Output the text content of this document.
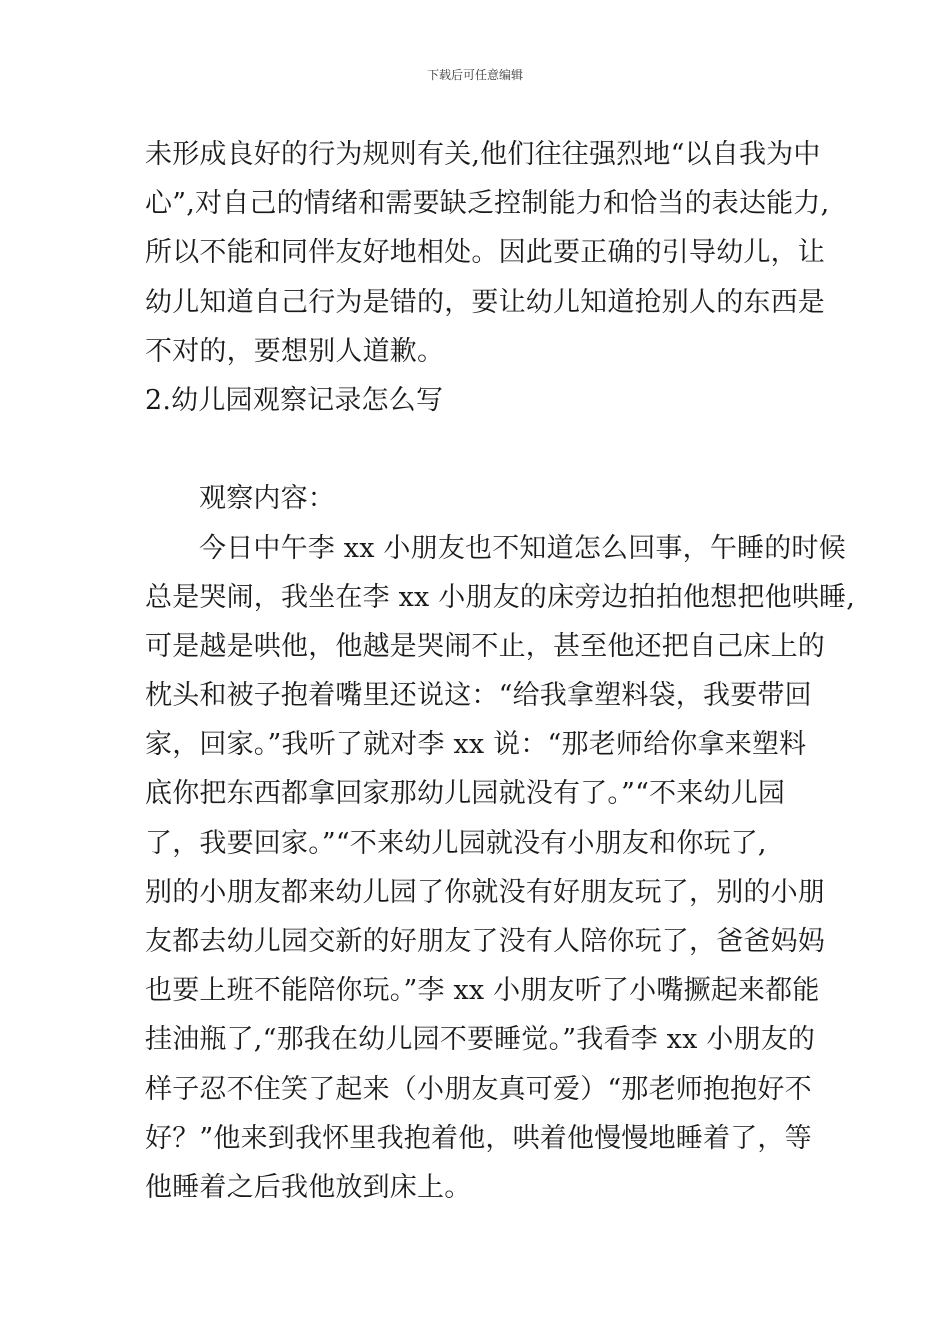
下载后可任意编辑
未形成良好的行为规则有关,他们往往强烈地“以自我为中
心”,对自己的情绪和需要缺乏控制能力和恰当的表达能力,
所以不能和同伴友好地相处。因此要正确的引导幼儿，让
幼儿知道自己行为是错的，要让幼儿知道抢别人的东西是
不对的，要想别人道歉。
2.幼儿园观察记录怎么写
观察内容：
今日中午李 xx 小朋友也不知道怎么回事，午睡的时候
总是哭闹，我坐在李 xx 小朋友的床旁边拍拍他想把他哄睡,
可是越是哄他，他越是哭闹不止，甚至他还把自己床上的
枕头和被子抱着嘴里还说这：“给我拿塑料袋，我要带回
家，回家。”我听了就对李 xx 说：“那老师给你拿来塑料
底你把东西都拿回家那幼儿园就没有了。”“不来幼儿园
了，我要回家。”“不来幼儿园就没有小朋友和你玩了,
别的小朋友都来幼儿园了你就没有好朋友玩了，别的小朋
友都去幼儿园交新的好朋友了没有人陪你玩了，爸爸妈妈
也要上班不能陪你玩。”李 xx 小朋友听了小嘴撅起来都能
挂油瓶了,“那我在幼儿园不要睡觉。”我看李 xx 小朋友的
样子忍不住笑了起来（小朋友真可爱）“那老师抱抱好不
好？”他来到我怀里我抱着他，哄着他慢慢地睡着了，等
他睡着之后我他放到床上。
